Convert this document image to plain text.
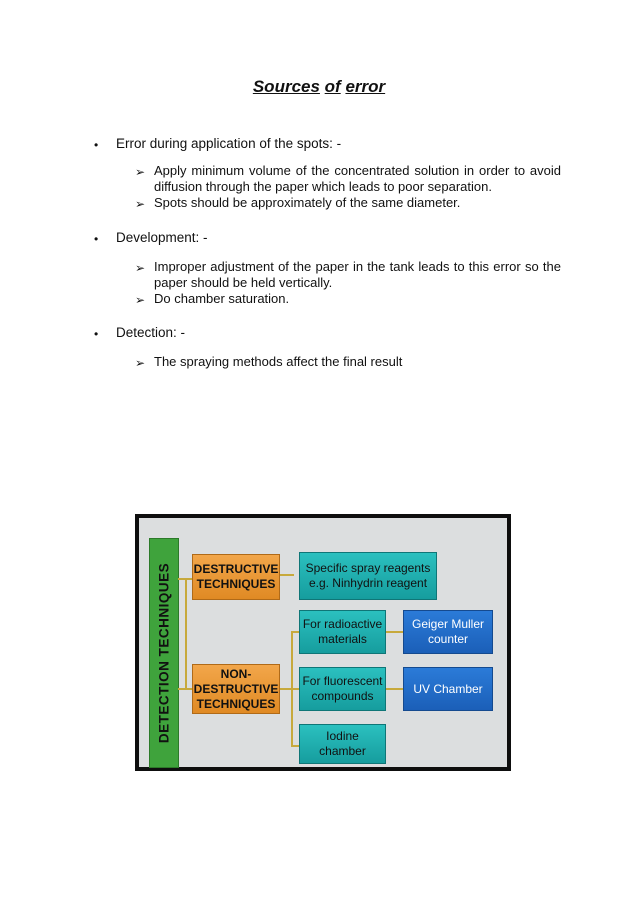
Sources of error
• Error during application of the spots: -
➢ Apply minimum volume of the concentrated solution in order to avoid diffusion through the paper which leads to poor separation.
➢ Spots should be approximately of the same diameter.
• Development: -
➢ Improper adjustment of the paper in the tank leads to this error so the paper should be held vertically.
➢ Do chamber saturation.
• Detection: -
➢ The spraying methods affect the final result
DETECTION TECHNIQUES DESTRUCTIVE TECHNIQUES
NON-DESTRUCTIVE TECHNIQUES
Specific spray reagents e.g. Ninhydrin reagent
For radioactive materials
For fluorescent compounds
Iodine chamber
Geiger Muller counter
UV Chamber
